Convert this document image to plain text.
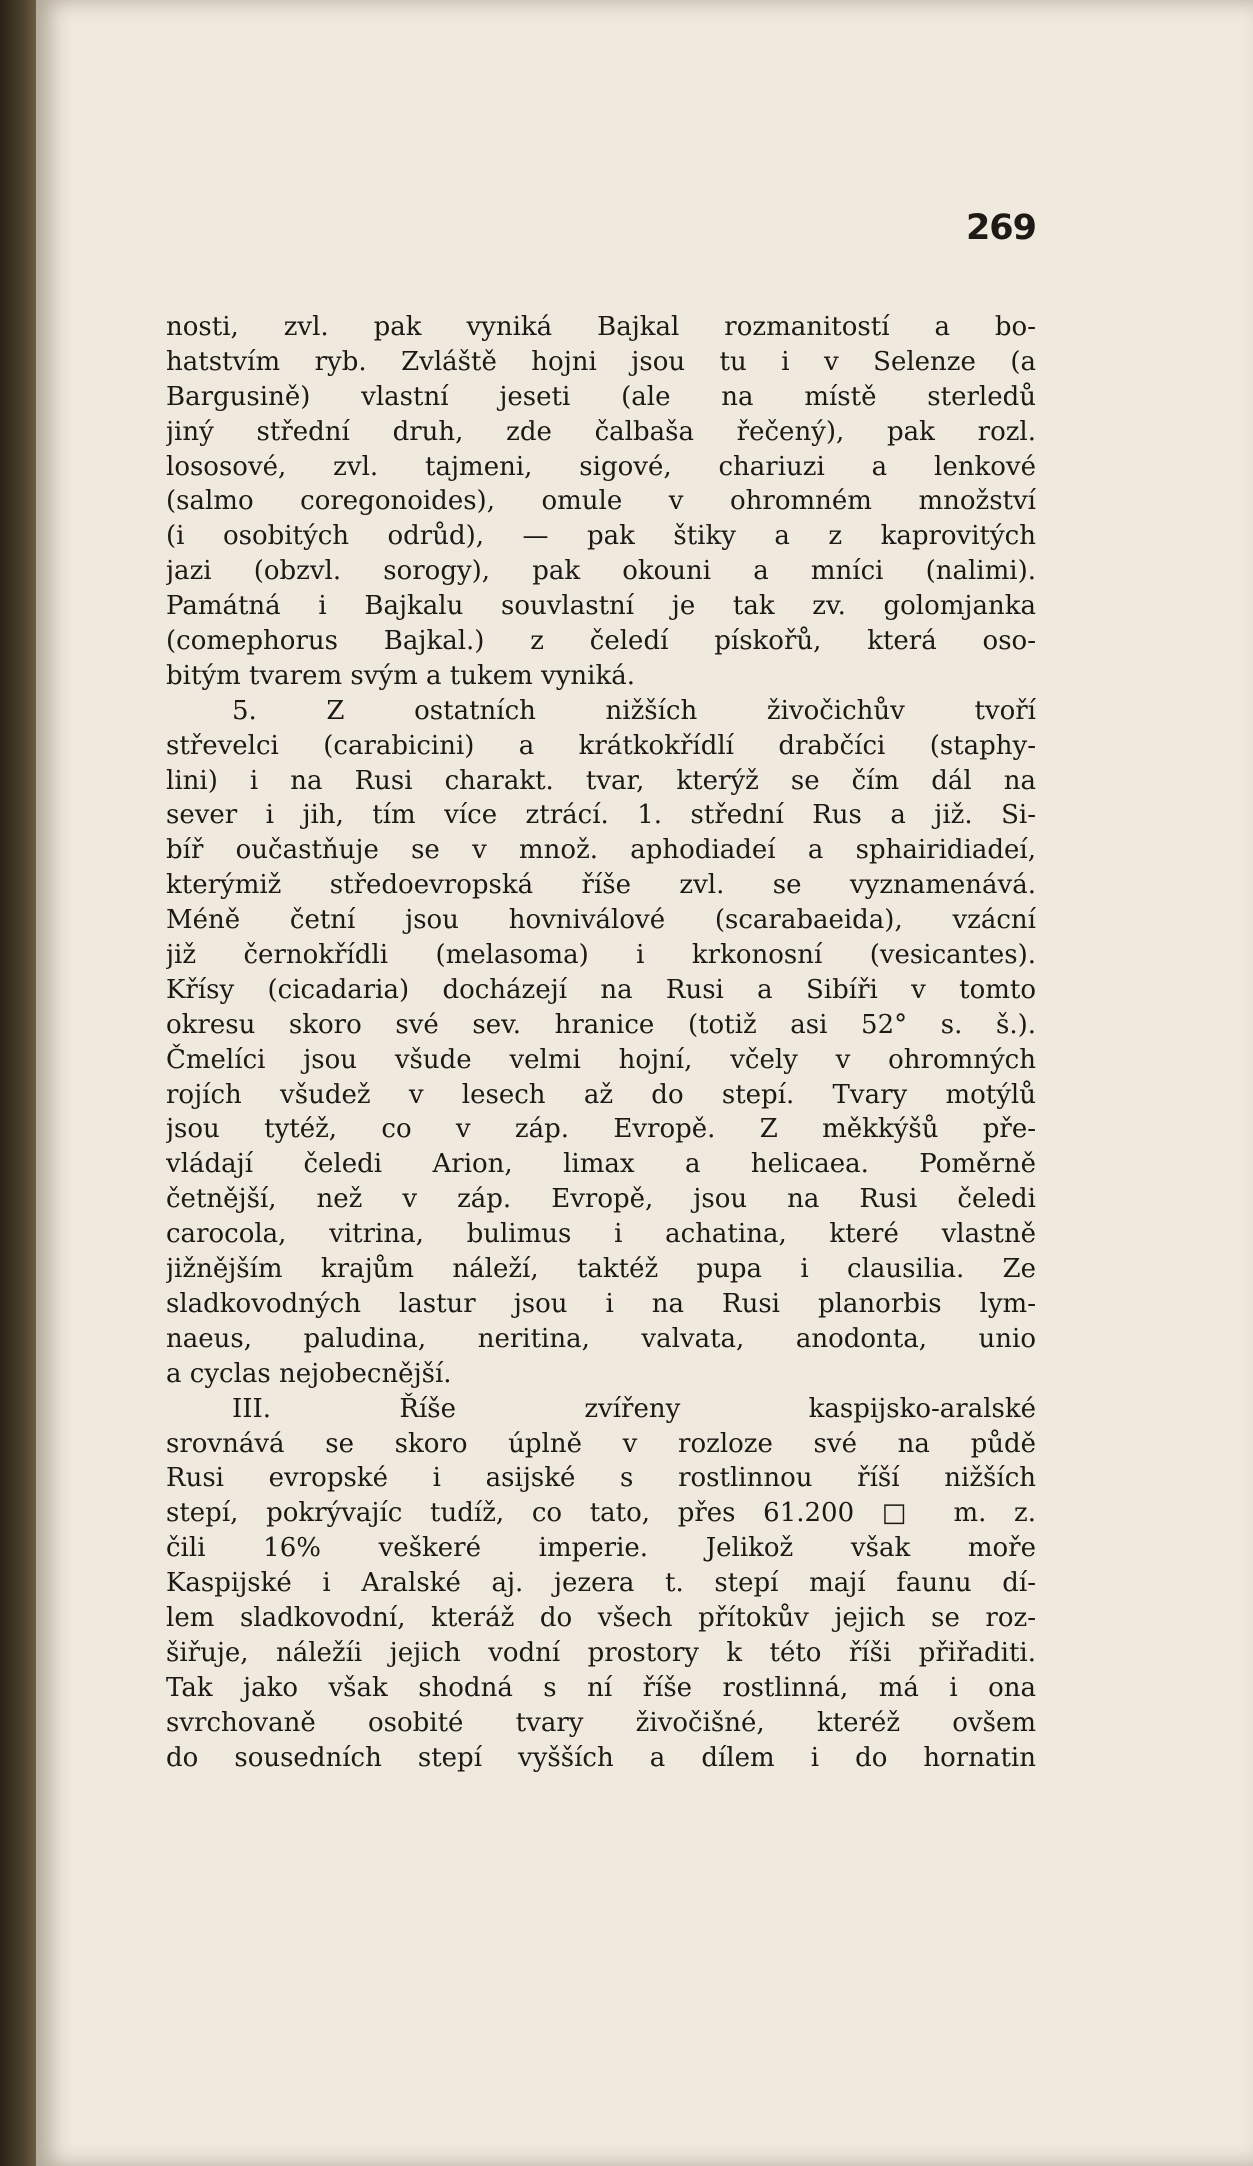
269
nosti, zvl. pak vyniká Bajkal rozmanitostí a bo-
hatstvím ryb. Zvláště hojni jsou tu i v Selenze (a
Bargusině) vlastní jeseti (ale na místě sterledů
jiný střední druh, zde čalbaša řečený), pak rozl.
lososové, zvl. tajmeni, sigové, chariuzi a lenkové
(salmo coregonoides), omule v ohromném množství
(i osobitých odrůd), — pak štiky a z kaprovitých
jazi (obzvl. sorogy), pak okouni a mníci (nalimi).
Památná i Bajkalu souvlastní je tak zv. golomjanka
(comephorus Bajkal.) z čeledí pískořů, která oso-
bitým tvarem svým a tukem vyniká.
5. Z ostatních nižších živočichův tvoří
střevelci (carabicini) a krátkokřídlí drabčíci (staphy-
lini) i na Rusi charakt. tvar, kterýž se čím dál na
sever i jih, tím více ztrácí. 1. střední Rus a již. Si-
bíř oučastňuje se v množ. aphodiadeí a sphairidiadeí,
kterýmiž středoevropská říše zvl. se vyznamenává.
Méně četní jsou hovniválové (scarabaeida), vzácní
již černokřídli (melasoma) i krkonosní (vesicantes).
Křísy (cicadaria) docházejí na Rusi a Sibíři v tomto
okresu skoro své sev. hranice (totiž asi 52° s. š.).
Čmelíci jsou všude velmi hojní, včely v ohromných
rojích všudež v lesech až do stepí. Tvary motýlů
jsou tytéž, co v záp. Evropě. Z měkkýšů pře-
vládají čeledi Arion, limax a helicaea. Poměrně
četnější, než v záp. Evropě, jsou na Rusi čeledi
carocola, vitrina, bulimus i achatina, které vlastně
jižnějším krajům náleží, taktéž pupa i clausilia. Ze
sladkovodných lastur jsou i na Rusi planorbis lym-
naeus, paludina, neritina, valvata, anodonta, unio
a cyclas nejobecnější.
III. Říše zvířeny kaspijsko-aralské
srovnává se skoro úplně v rozloze své na půdě
Rusi evropské i asijské s rostlinnou říší nižších
stepí, pokrývajíc tudíž, co tato, přes 61.200 □ m. z.
čili 16% veškeré imperie. Jelikož však moře
Kaspijské i Aralské aj. jezera t. stepí mají faunu dí-
lem sladkovodní, kteráž do všech přítokův jejich se roz-
šiřuje, náležíi jejich vodní prostory k této říši přiřaditi.
Tak jako však shodná s ní říše rostlinná, má i ona
svrchovaně osobité tvary živočišné, kteréž ovšem
do sousedních stepí vyšších a dílem i do hornatin
